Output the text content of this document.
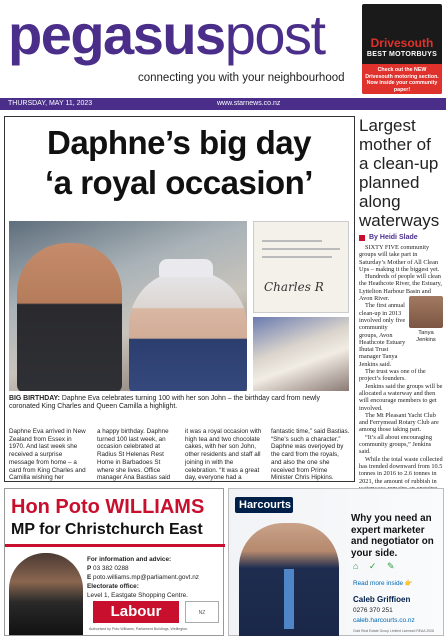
pegasuspost
connecting you with your neighbourhood
Drivesouth
BEST MOTORBUYS
Check out the NEW Drivesouth motoring section. Now inside your community paper!
THURSDAY, MAY 11, 2023	www.starnews.co.nz
Daphne’s big day
‘a royal occasion’
Charles R
BIG BIRTHDAY: Daphne Eva celebrates turning 100 with her son John – the birthday card from newly coronated King Charles and Queen Camilla a highlight.
Daphne Eva arrived in New Zealand from Essex in 1970. And last week she received a surprise message from home – a card from King Charles and Camilla wishing her
a happy birthday. Daphne turned 100 last week, an occasion celebrated at Radius St Helenas Rest Home in Barbadoes St where she lives. Office manager Ana Bastias said
it was a royal occasion with high tea and two chocolate cakes, with her son John, other residents and staff all joining in with the celebration. “It was a great day, everyone had a
fantastic time,” said Bastias. “She’s such a character.” Daphne was overjoyed by the card from the royals, and also the one she received from Prime Minister Chris Hipkins.
Largest mother of a clean-up planned along waterways
By Heidi Slade

SIXTY FIVE community groups will take part in Saturday’s Mother of All Clean Ups – making it the biggest yet.

Hundreds of people will clean the Heathcote River, the Estuary, Lyttelton Harbour Basin and Avon River.

The first annual clean-up in 2013 involved only five community groups, Avon Heathcote Estuary Ihutai Trust manager Tanya Jenkins said.

The trust was one of the project’s founders.

Jenkins said the groups will be allocated a waterway and then will encourage members to get involved.

The Mt Pleasant Yacht Club and Ferrymead Rotary Club are among those taking part.

“It’s all about encouraging community groups,” Jenkins said.

While the total waste collected has trended downward from 10.5 tonnes in 2016 to 2.6 tonnes in 2021, the amount of rubbish in

Tanya Jenkins
Hon Poto WILLIAMS
MP for Christchurch East
For information and advice:
P 03 382 0288
E poto.williams.mp@parliament.govt.nz
Electorate office:
Level 1, Eastgate Shopping Centre.
Labour	NZ
Authorised by Poto Williams, Parliament Buildings, Wellington.
Harcourts
Why you need an expert marketer and negotiator on your side.
⌂ ✓ ✎
Read more inside 👉
Caleb Griffioen
0276 370 251
caleb.harcourts.co.nz
Gold Real Estate Group Limited Licensed REAA 2008
